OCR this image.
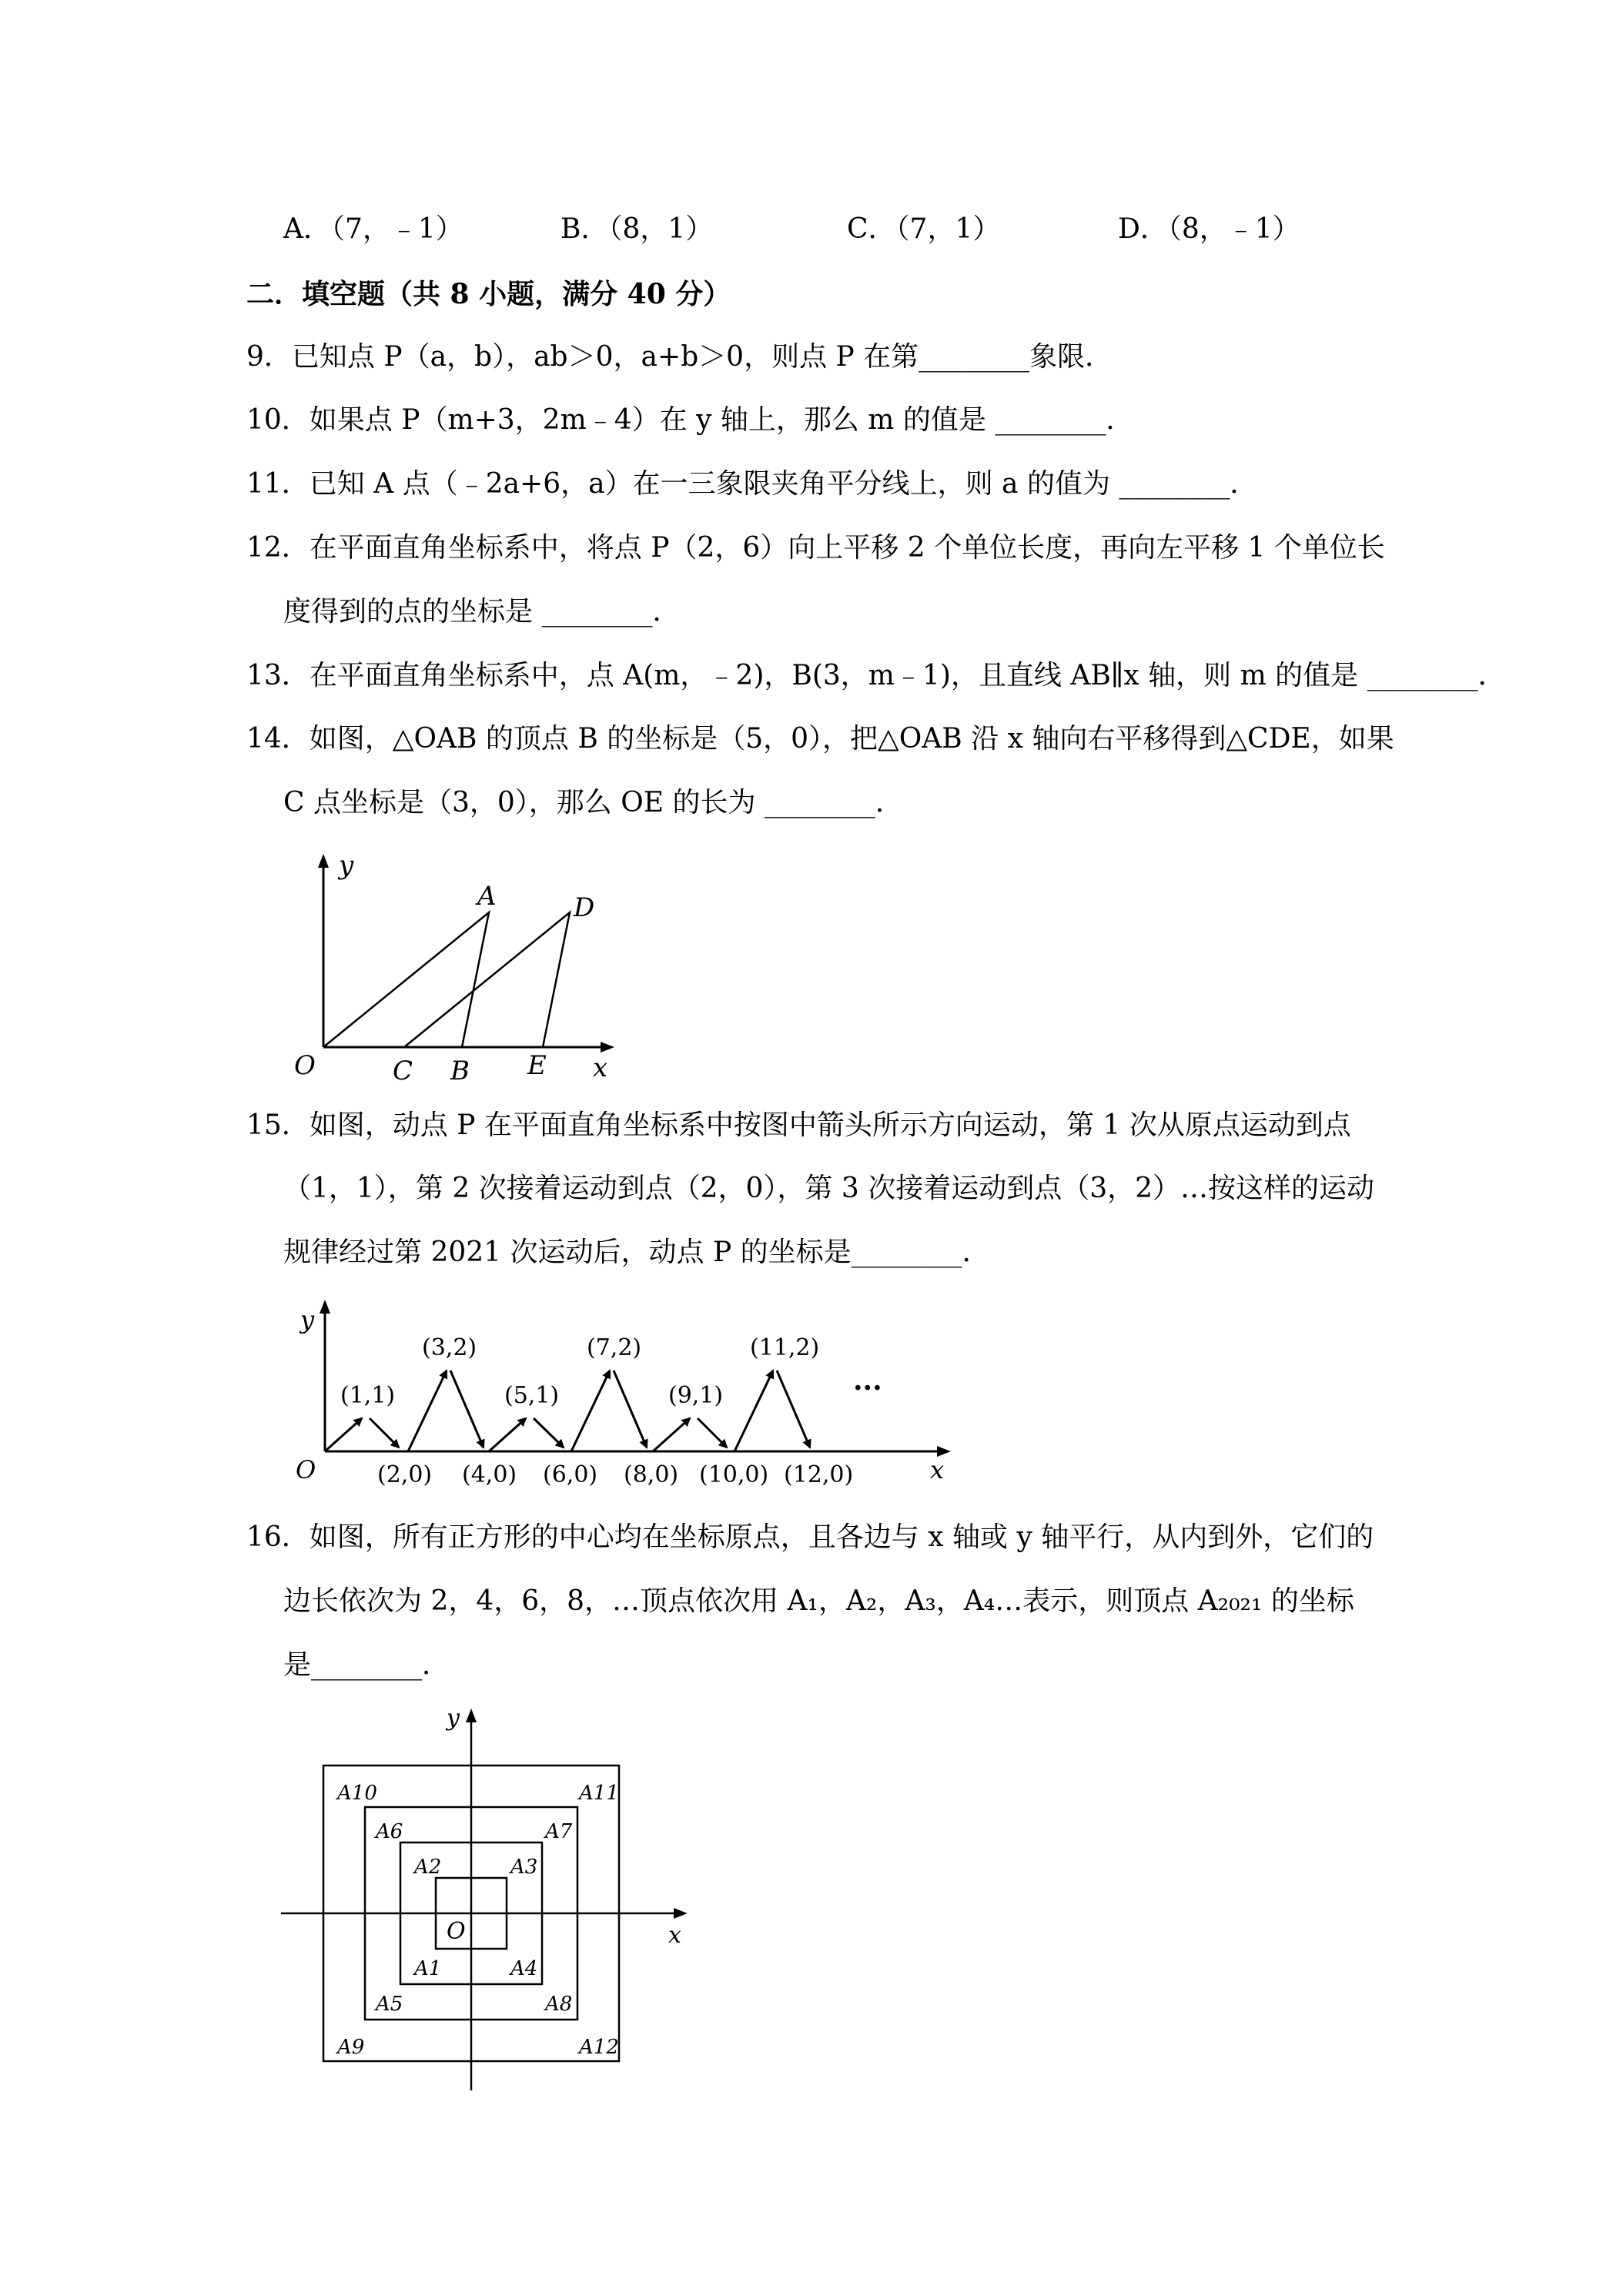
A．（7，﹣1）	B．（8，1）	C．（7，1）	D．（8，﹣1）
二．填空题（共 8 小题，满分 40 分）
9．已知点 P（a，b），ab＞0，a+b＞0，则点 P 在第________象限．
10．如果点 P（m+3，2m﹣4）在 y 轴上，那么 m 的值是 ________．
11．已知 A 点（﹣2a+6，a）在一三象限夹角平分线上，则 a 的值为 ________．
12．在平面直角坐标系中，将点 P（2，6）向上平移 2 个单位长度，再向左平移 1 个单位长
度得到的点的坐标是 ________．
13．在平面直角坐标系中，点 A(m，﹣2)，B(3，m﹣1)，且直线 AB∥x 轴，则 m 的值是 ________．
14．如图，△OAB 的顶点 B 的坐标是（5，0），把△OAB 沿 x 轴向右平移得到△CDE，如果
C 点坐标是（3，0），那么 OE 的长为 ________．
y
x
O
A	D
C B E
15．如图，动点 P 在平面直角坐标系中按图中箭头所示方向运动，第 1 次从原点运动到点
（1，1），第 2 次接着运动到点（2，0），第 3 次接着运动到点（3，2）…按这样的运动
规律经过第 2021 次运动后，动点 P 的坐标是________．
y
x
O
(1,1)
(3,2)
(5,1)
(7,2)
(9,1)
(11,2)
(2,0) (4,0) (6,0) (8,0) (10,0) (12,0)
···
16．如图，所有正方形的中心均在坐标原点，且各边与 x 轴或 y 轴平行，从内到外，它们的
边长依次为 2，4，6，8，…顶点依次用 A₁，A₂，A₃，A₄…表示，则顶点 A₂₀₂₁ 的坐标
是________．
y
x
O
A1
A2	A3
A4
A5
A6	A7
A8
A9
A10	A11
A12
